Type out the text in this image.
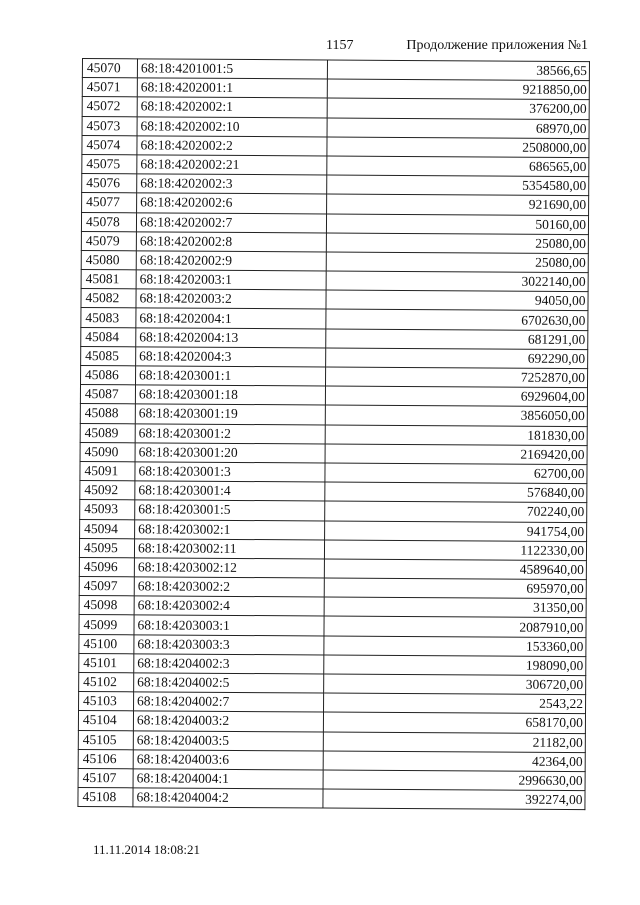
1157	Продолжение приложения №1
45070	68:18:4201001:5	38566,65
45071	68:18:4202001:1	9218850,00
45072	68:18:4202002:1	376200,00
45073	68:18:4202002:10	68970,00
45074	68:18:4202002:2	2508000,00
45075	68:18:4202002:21	686565,00
45076	68:18:4202002:3	5354580,00
45077	68:18:4202002:6	921690,00
45078	68:18:4202002:7	50160,00
45079	68:18:4202002:8	25080,00
45080	68:18:4202002:9	25080,00
45081	68:18:4202003:1	3022140,00
45082	68:18:4202003:2	94050,00
45083	68:18:4202004:1	6702630,00
45084	68:18:4202004:13	681291,00
45085	68:18:4202004:3	692290,00
45086	68:18:4203001:1	7252870,00
45087	68:18:4203001:18	6929604,00
45088	68:18:4203001:19	3856050,00
45089	68:18:4203001:2	181830,00
45090	68:18:4203001:20	2169420,00
45091	68:18:4203001:3	62700,00
45092	68:18:4203001:4	576840,00
45093	68:18:4203001:5	702240,00
45094	68:18:4203002:1	941754,00
45095	68:18:4203002:11	1122330,00
45096	68:18:4203002:12	4589640,00
45097	68:18:4203002:2	695970,00
45098	68:18:4203002:4	31350,00
45099	68:18:4203003:1	2087910,00
45100	68:18:4203003:3	153360,00
45101	68:18:4204002:3	198090,00
45102	68:18:4204002:5	306720,00
45103	68:18:4204002:7	2543,22
45104	68:18:4204003:2	658170,00
45105	68:18:4204003:5	21182,00
45106	68:18:4204003:6	42364,00
45107	68:18:4204004:1	2996630,00
45108	68:18:4204004:2	392274,00
11.11.2014 18:08:21
